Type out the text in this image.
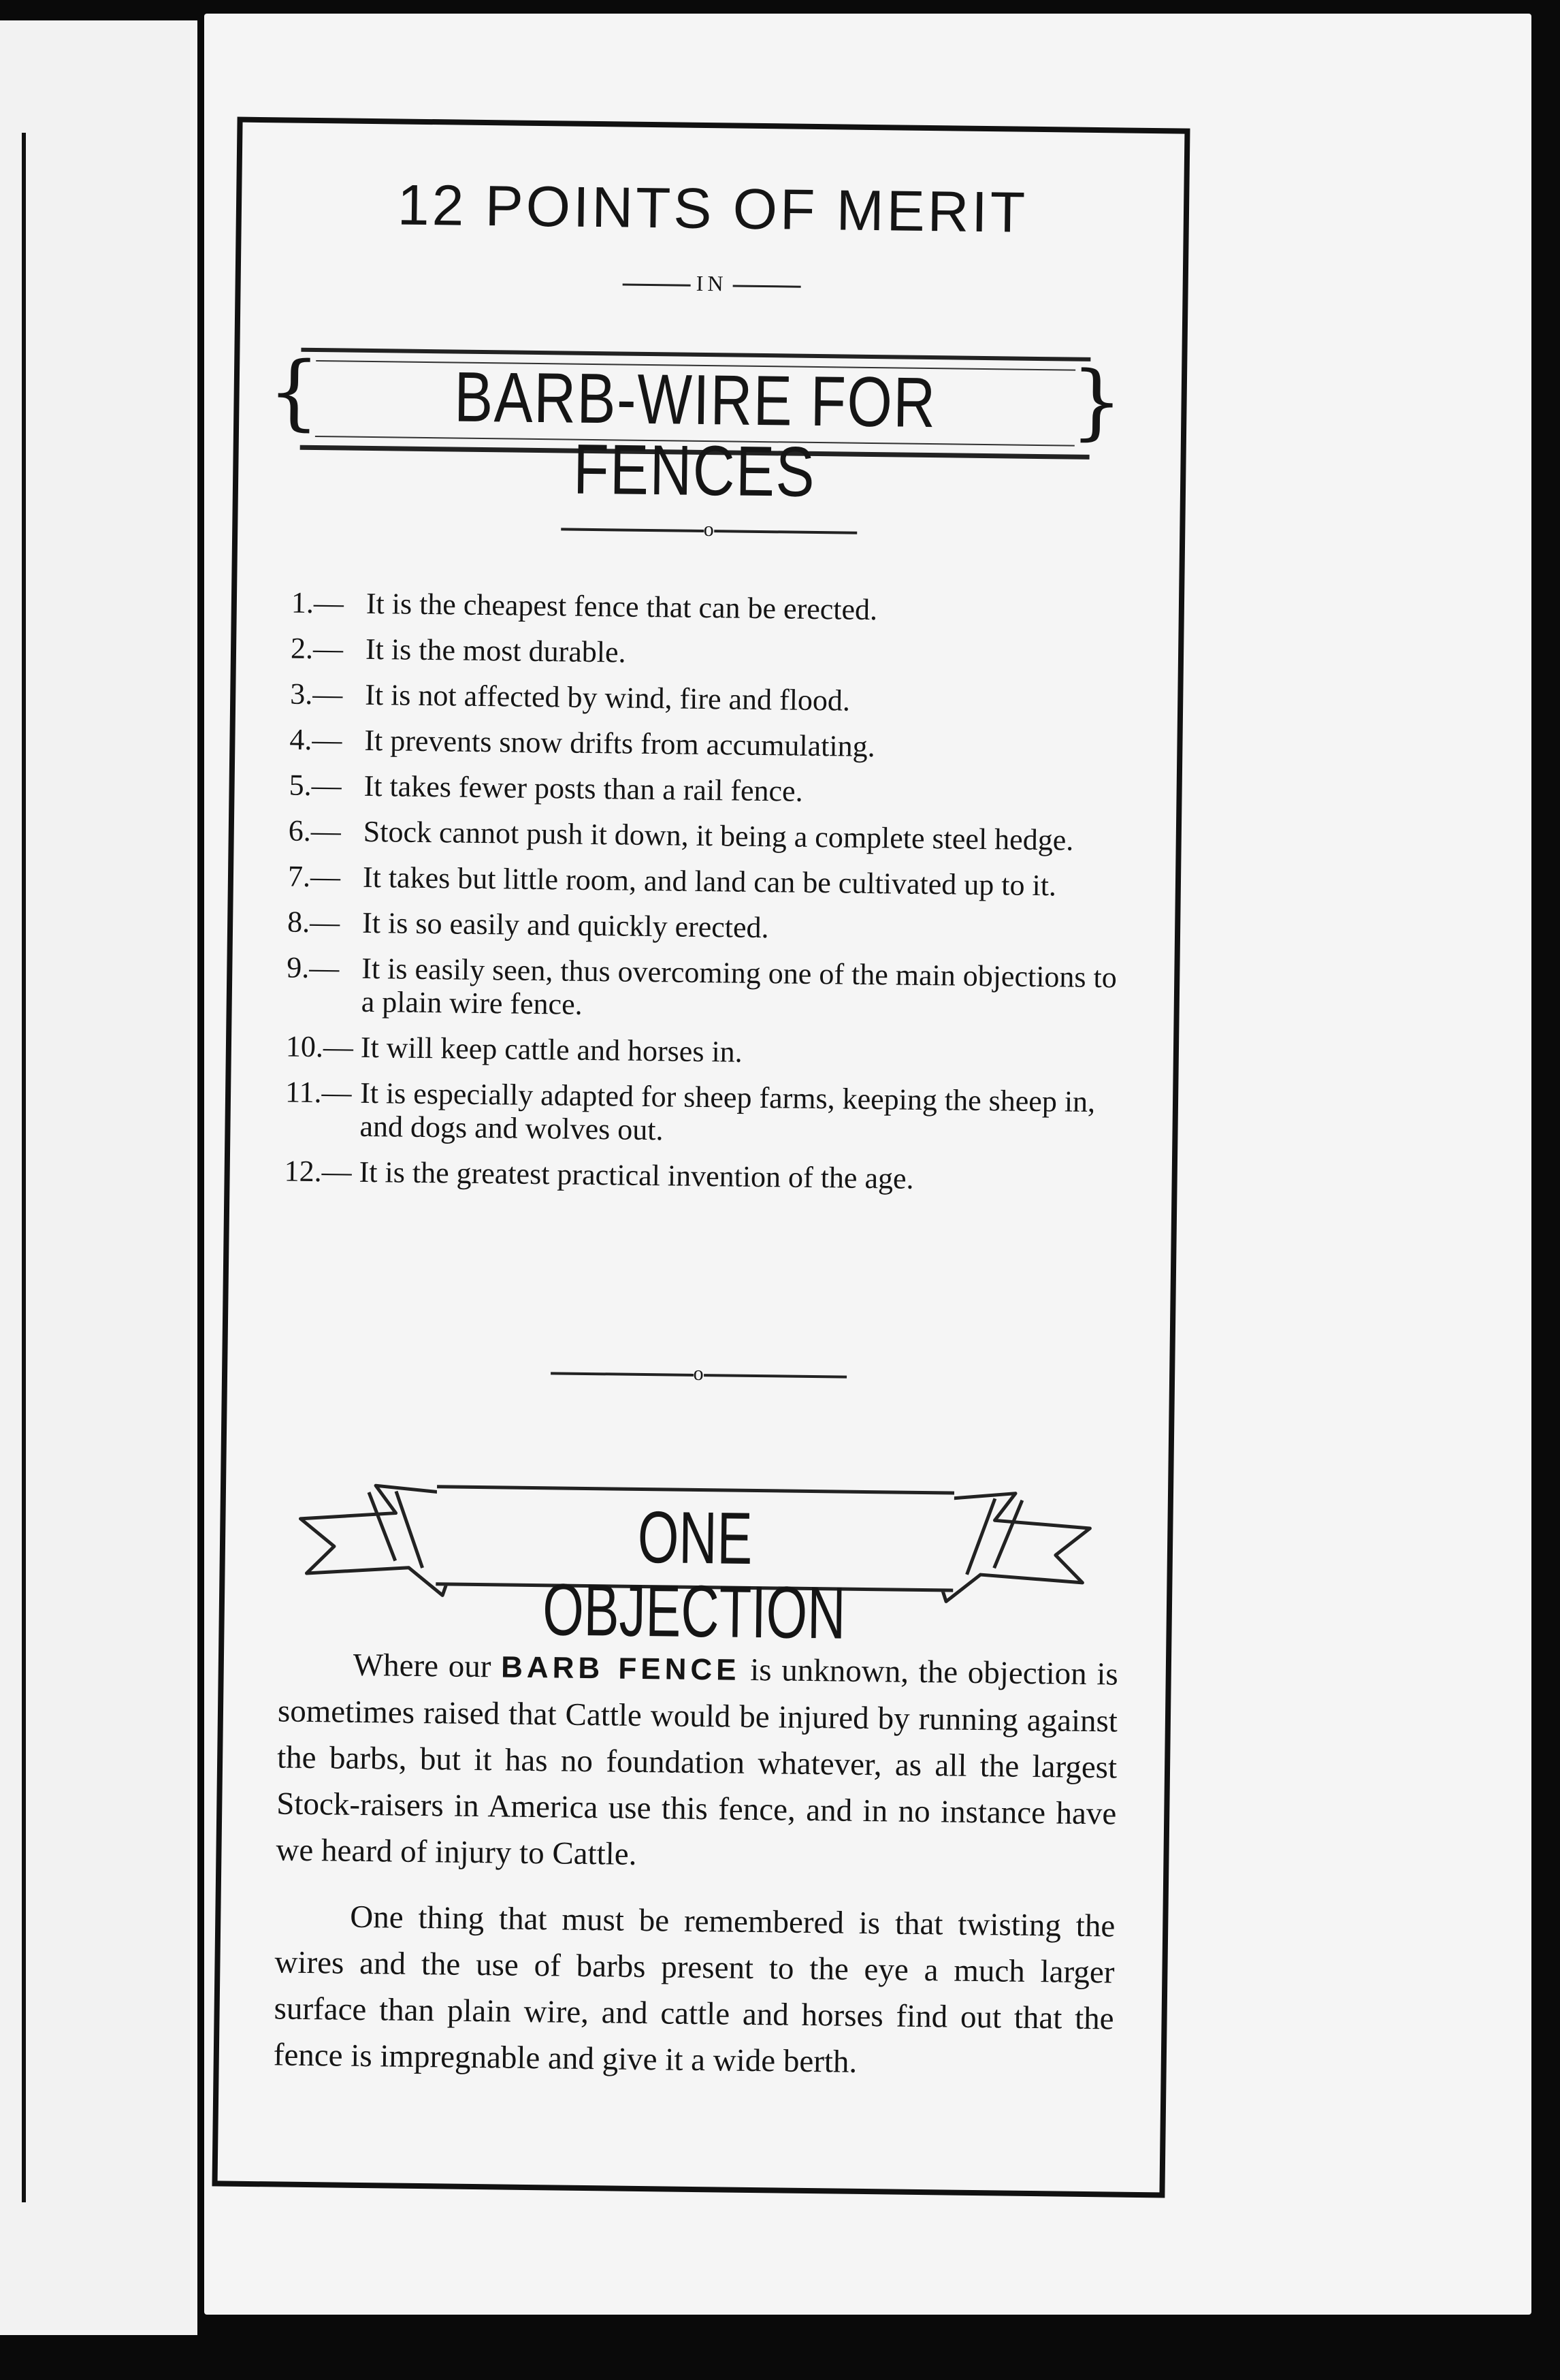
12 POINTS OF MERIT
IN
{	}
BARB-WIRE FOR FENCES
o
1.— It is the cheapest fence that can be erected.
2.— It is the most durable.
3.— It is not affected by wind, fire and flood.
4.— It prevents snow drifts from accumulating.
5.— It takes fewer posts than a rail fence.
6.— Stock cannot push it down, it being a complete steel hedge.
7.— It takes but little room, and land can be cultivated up to it.
8.— It is so easily and quickly erected.
9.— It is easily seen, thus overcoming one of the main objections to a plain wire fence.
10.— It will keep cattle and horses in.
11.— It is especially adapted for sheep farms, keeping the sheep in, and dogs and wolves out.
12.— It is the greatest practical invention of the age.
o
ONE OBJECTION

Where our BARB FENCE is unknown, the objection is sometimes raised that Cattle would be injured by running against the barbs, but it has no foundation whatever, as all the largest Stock-raisers in America use this fence, and in no instance have we heard of injury to Cattle.

One thing that must be remembered is that twisting the wires and the use of barbs present to the eye a much larger surface than plain wire, and cattle and horses find out that the fence is impregnable and give it a wide berth.
